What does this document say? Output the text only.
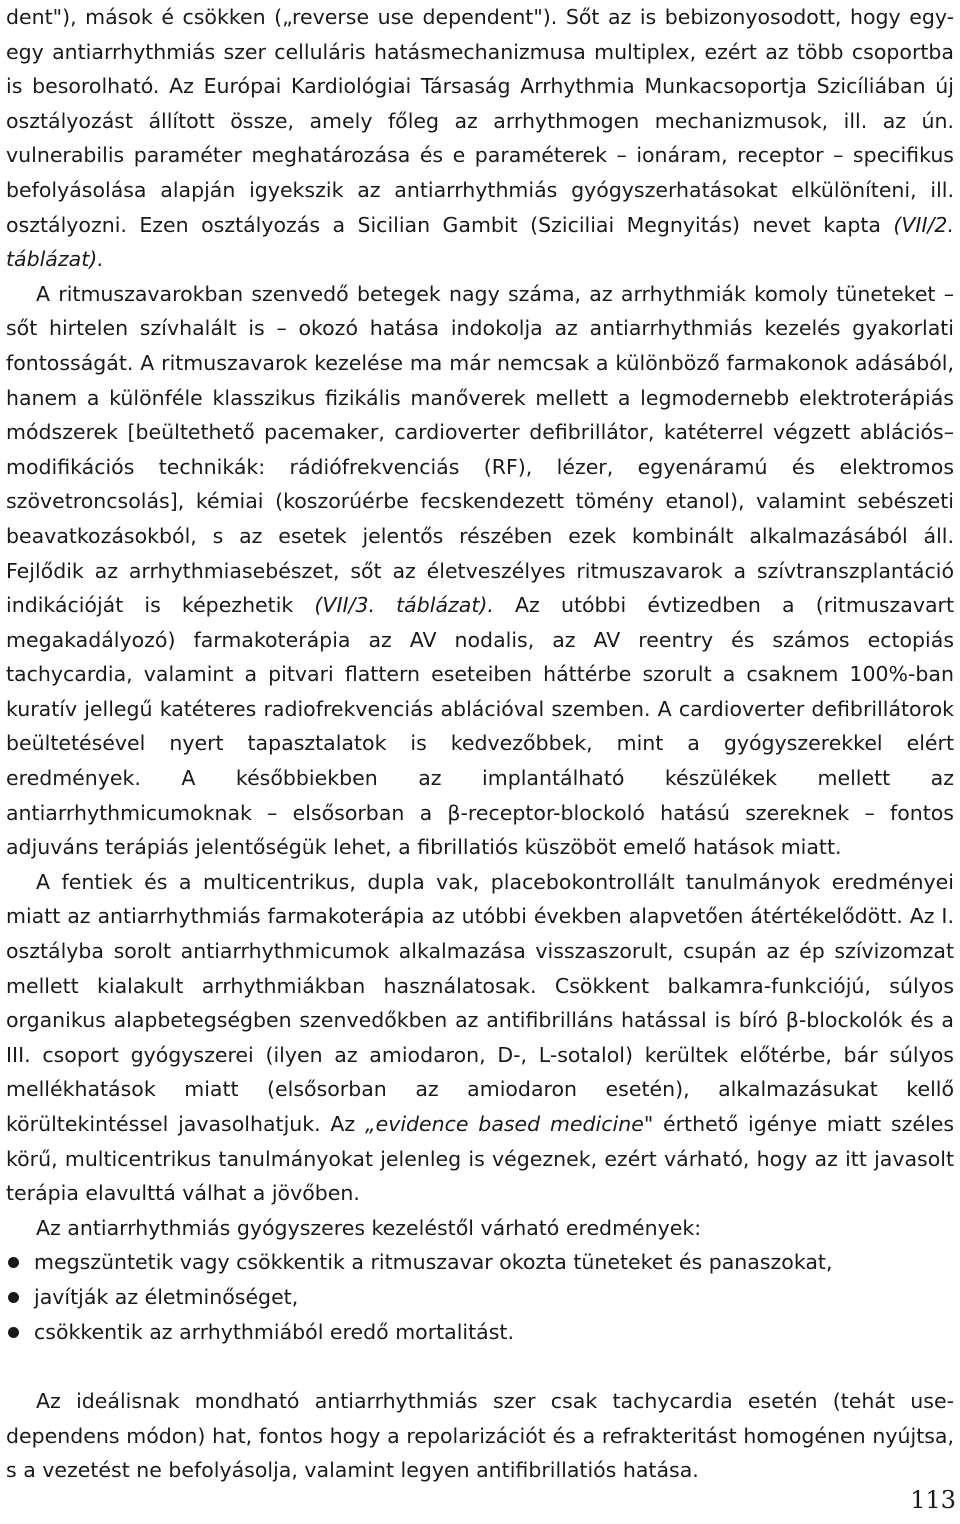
dent"), mások é csökken („reverse use dependent"). Sőt az is bebizonyosodott, hogy egy-egy antiarrhythmiás szer celluláris hatásmechanizmusa multiplex, ezért az több csoportba is besorolható. Az Európai Kardiológiai Társaság Arrhythmia Munkacsoportja Szicíliában új osztályozást állított össze, amely főleg az arrhythmogen mechanizmusok, ill. az ún. vulnerabilis paraméter meghatározása és e paraméterek – ionáram, receptor – specifikus befolyásolása alapján igyekszik az antiarrhythmiás gyógyszerhatásokat elkülöníteni, ill. osztályozni. Ezen osztályozás a Sicilian Gambit (Sziciliai Megnyitás) nevet kapta (VII/2. táblázat).

A ritmuszavarokban szenvedő betegek nagy száma, az arrhythmiák komoly tüneteket – sőt hirtelen szívhalált is – okozó hatása indokolja az antiarrhythmiás kezelés gyakorlati fontosságát. A ritmuszavarok kezelése ma már nemcsak a különböző farmakonok adásából, hanem a különféle klasszikus fizikális manőverek mellett a legmodernebb elektroterápiás módszerek [beültethető pacemaker, cardioverter defibrillátor, katéterrel végzett ablációs–modifikációs technikák: rádiófrekvenciás (RF), lézer, egyenáramú és elektromos szövetroncsolás], kémiai (koszorúérbe fecskendezett tömény etanol), valamint sebészeti beavatkozásokból, s az esetek jelentős részében ezek kombinált alkalmazásából áll. Fejlődik az arrhythmiasebészet, sőt az életveszélyes ritmuszavarok a szívtranszplantáció indikációját is képezhetik (VII/3. táblázat). Az utóbbi évtizedben a (ritmuszavart megakadályozó) farmakoterápia az AV nodalis, az AV reentry és számos ectopiás tachycardia, valamint a pitvari flattern eseteiben háttérbe szorult a csaknem 100%-ban kuratív jellegű katéteres radiofrekvenciás ablációval szemben. A cardioverter defibrillátorok beültetésével nyert tapasztalatok is kedvezőbbek, mint a gyógyszerekkel elért eredmények. A későbbiekben az implantálható készülékek mellett az antiarrhythmicumoknak – elsősorban a β-receptor-blockoló hatású szereknek – fontos adjuváns terápiás jelentőségük lehet, a fibrillatiós küszöböt emelő hatások miatt.

A fentiek és a multicentrikus, dupla vak, placebokontrollált tanulmányok eredményei miatt az antiarrhythmiás farmakoterápia az utóbbi években alapvetően átértékelődött. Az I. osztályba sorolt antiarrhythmicumok alkalmazása visszaszorult, csupán az ép szívizomzat mellett kialakult arrhythmiákban használatosak. Csökkent balkamra-funkciójú, súlyos organikus alapbetegségben szenvedőkben az antifibrilláns hatással is bíró β-blockolók és a III. csoport gyógyszerei (ilyen az amiodaron, D-, L-sotalol) kerültek előtérbe, bár súlyos mellékhatások miatt (elsősorban az amiodaron esetén), alkalmazásukat kellő körültekintéssel javasolhatjuk. Az „evidence based medicine" érthető igénye miatt széles körű, multicentrikus tanulmányokat jelenleg is végeznek, ezért várható, hogy az itt javasolt terápia elavulttá válhat a jövőben.

Az antiarrhythmiás gyógyszeres kezeléstől várható eredmények:

megszüntetik vagy csökkentik a ritmuszavar okozta tüneteket és panaszokat,
javítják az életminőséget,
csökkentik az arrhythmiából eredő mortalitást.

Az ideálisnak mondható antiarrhythmiás szer csak tachycardia esetén (tehát use-dependens módon) hat, fontos hogy a repolarizációt és a refrakteritást homogénen nyújtsa, s a vezetést ne befolyásolja, valamint legyen antifibrillatiós hatása.

113
